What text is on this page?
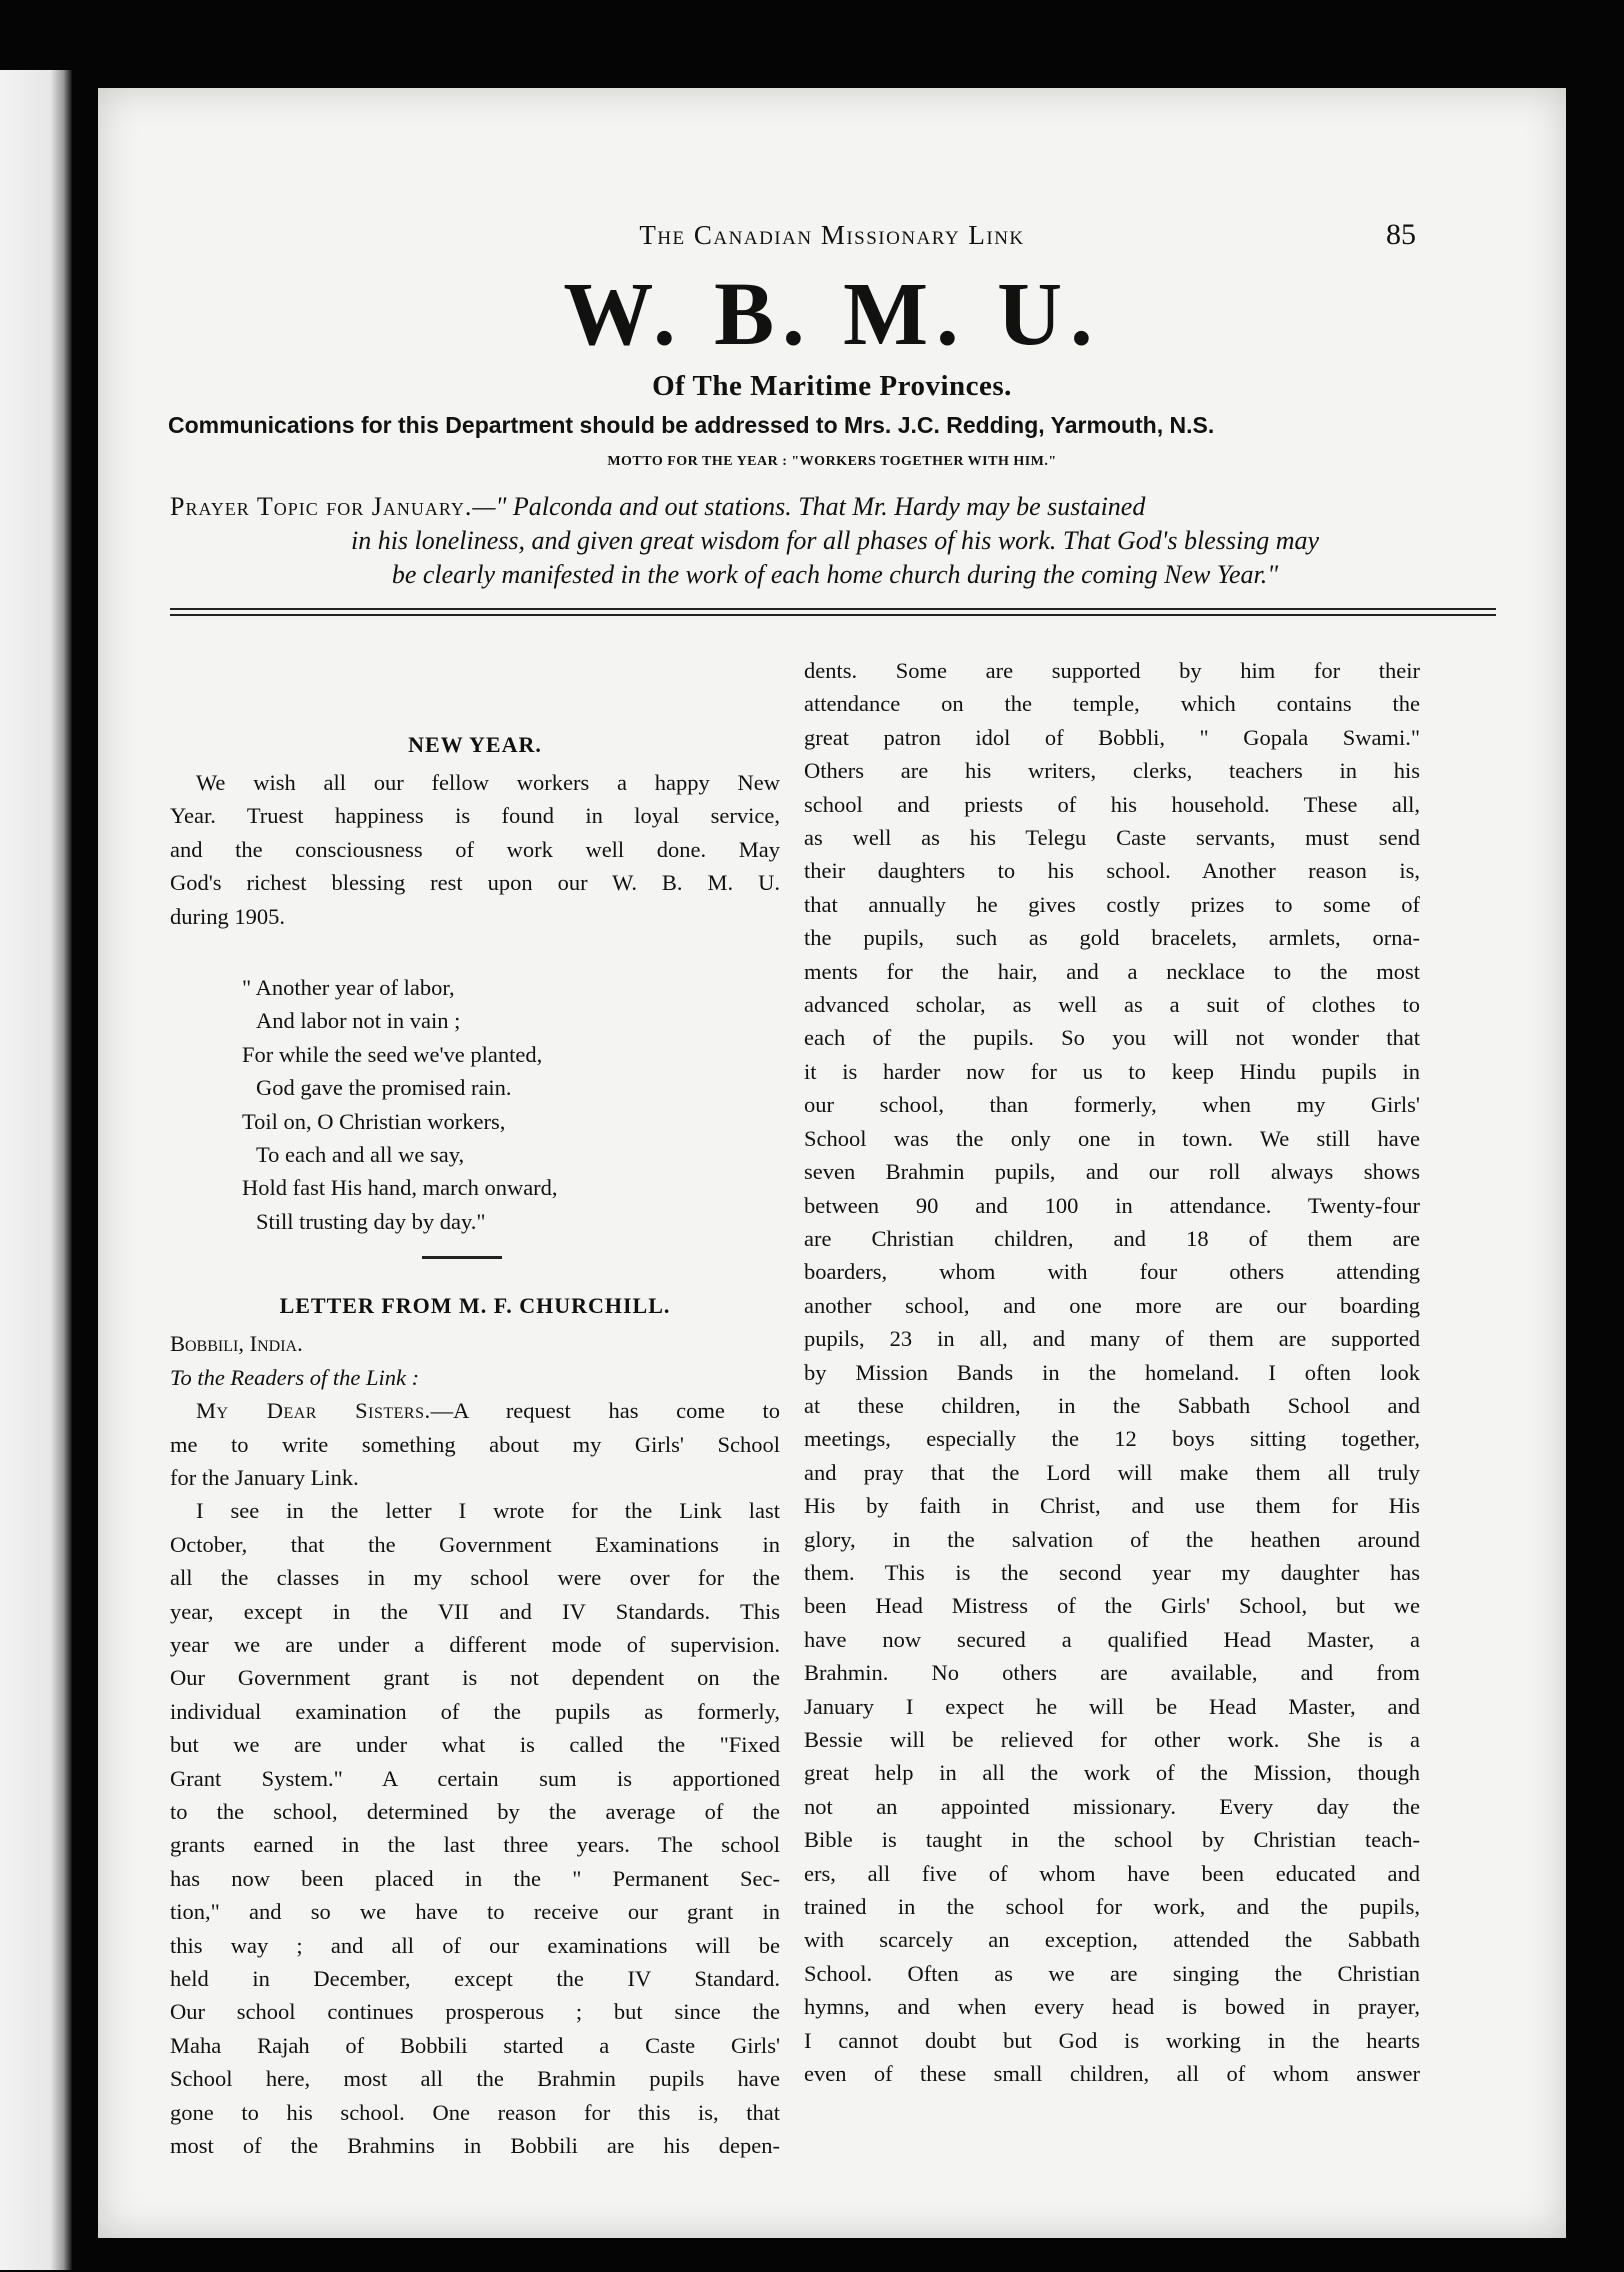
The Canadian Missionary Link	85
W. B. M. U.
Of The Maritime Provinces.
Communications for this Department should be addressed to Mrs. J.C. Redding, Yarmouth, N.S.
MOTTO FOR THE YEAR : "WORKERS TOGETHER WITH HIM."
Prayer Topic for January.—" Palconda and out stations. That Mr. Hardy may be sustained
in his loneliness, and given great wisdom for all phases of his work. That God's blessing may
be clearly manifested in the work of each home church during the coming New Year."
NEW YEAR.

We wish all our fellow workers a happy New

Year. Truest happiness is found in loyal service,

and the consciousness of work well done. May

God's richest blessing rest upon our W. B. M. U.

during 1905.

" Another year of labor,
And labor not in vain ;
For while the seed we've planted,
God gave the promised rain.
Toil on, O Christian workers,
To each and all we say,
Hold fast His hand, march onward,
Still trusting day by day."
LETTER FROM M. F. CHURCHILL.

Bobbili, India.

To the Readers of the Link :

My Dear Sisters.—A request has come to

me to write something about my Girls' School

for the January Link.

I see in the letter I wrote for the Link last

October, that the Government Examinations in

all the classes in my school were over for the

year, except in the VII and IV Standards. This

year we are under a different mode of supervision.

Our Government grant is not dependent on the

individual examination of the pupils as formerly,

but we are under what is called the "Fixed

Grant System." A certain sum is apportioned

to the school, determined by the average of the

grants earned in the last three years. The school

has now been placed in the " Permanent Sec-

tion," and so we have to receive our grant in

this way ; and all of our examinations will be

held in December, except the IV Standard.

Our school continues prosperous ; but since the

Maha Rajah of Bobbili started a Caste Girls'

School here, most all the Brahmin pupils have

gone to his school. One reason for this is, that

most of the Brahmins in Bobbili are his depen-

dents. Some are supported by him for their

attendance on the temple, which contains the

great patron idol of Bobbli, " Gopala Swami."

Others are his writers, clerks, teachers in his

school and priests of his household. These all,

as well as his Telegu Caste servants, must send

their daughters to his school. Another reason is,

that annually he gives costly prizes to some of

the pupils, such as gold bracelets, armlets, orna-

ments for the hair, and a necklace to the most

advanced scholar, as well as a suit of clothes to

each of the pupils. So you will not wonder that

it is harder now for us to keep Hindu pupils in

our school, than formerly, when my Girls'

School was the only one in town. We still have

seven Brahmin pupils, and our roll always shows

between 90 and 100 in attendance. Twenty-four

are Christian children, and 18 of them are

boarders, whom with four others attending

another school, and one more are our boarding

pupils, 23 in all, and many of them are supported

by Mission Bands in the homeland. I often look

at these children, in the Sabbath School and

meetings, especially the 12 boys sitting together,

and pray that the Lord will make them all truly

His by faith in Christ, and use them for His

glory, in the salvation of the heathen around

them. This is the second year my daughter has

been Head Mistress of the Girls' School, but we

have now secured a qualified Head Master, a

Brahmin. No others are available, and from

January I expect he will be Head Master, and

Bessie will be relieved for other work. She is a

great help in all the work of the Mission, though

not an appointed missionary. Every day the

Bible is taught in the school by Christian teach-

ers, all five of whom have been educated and

trained in the school for work, and the pupils,

with scarcely an exception, attended the Sabbath

School. Often as we are singing the Christian

hymns, and when every head is bowed in prayer,

I cannot doubt but God is working in the hearts

even of these small children, all of whom answer
